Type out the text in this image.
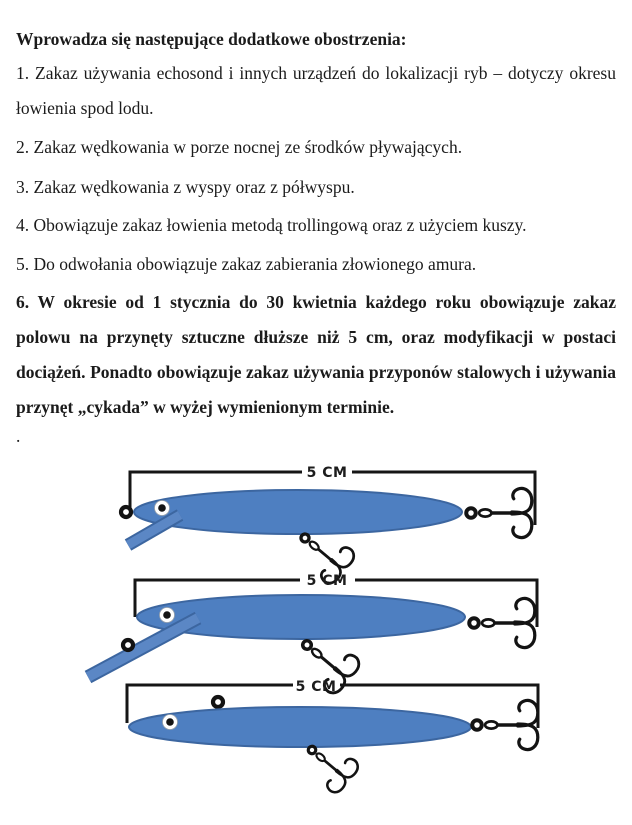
Wprowadza się następujące dodatkowe obostrzenia:

1. Zakaz używania echosond i innych urządzeń do lokalizacji ryb – dotyczy okresu łowienia spod lodu.

2. Zakaz wędkowania w porze nocnej ze środków pływających.

3. Zakaz wędkowania z wyspy oraz z półwyspu.

4. Obowiązuje zakaz łowienia metodą trollingową oraz z użyciem kuszy.

5. Do odwołania obowiązuje zakaz zabierania złowionego amura.

6. W okresie od 1 stycznia do 30 kwietnia każdego roku obowiązuje zakaz polowu na przynęty sztuczne dłuższe niż 5 cm, oraz modyfikacji w postaci dociążeń. Ponadto obowiązuje zakaz używania przyponów stalowych i używania przynęt „cykada” w wyżej wymienionym terminie.

.

5 CM
5 CM
5 CM
